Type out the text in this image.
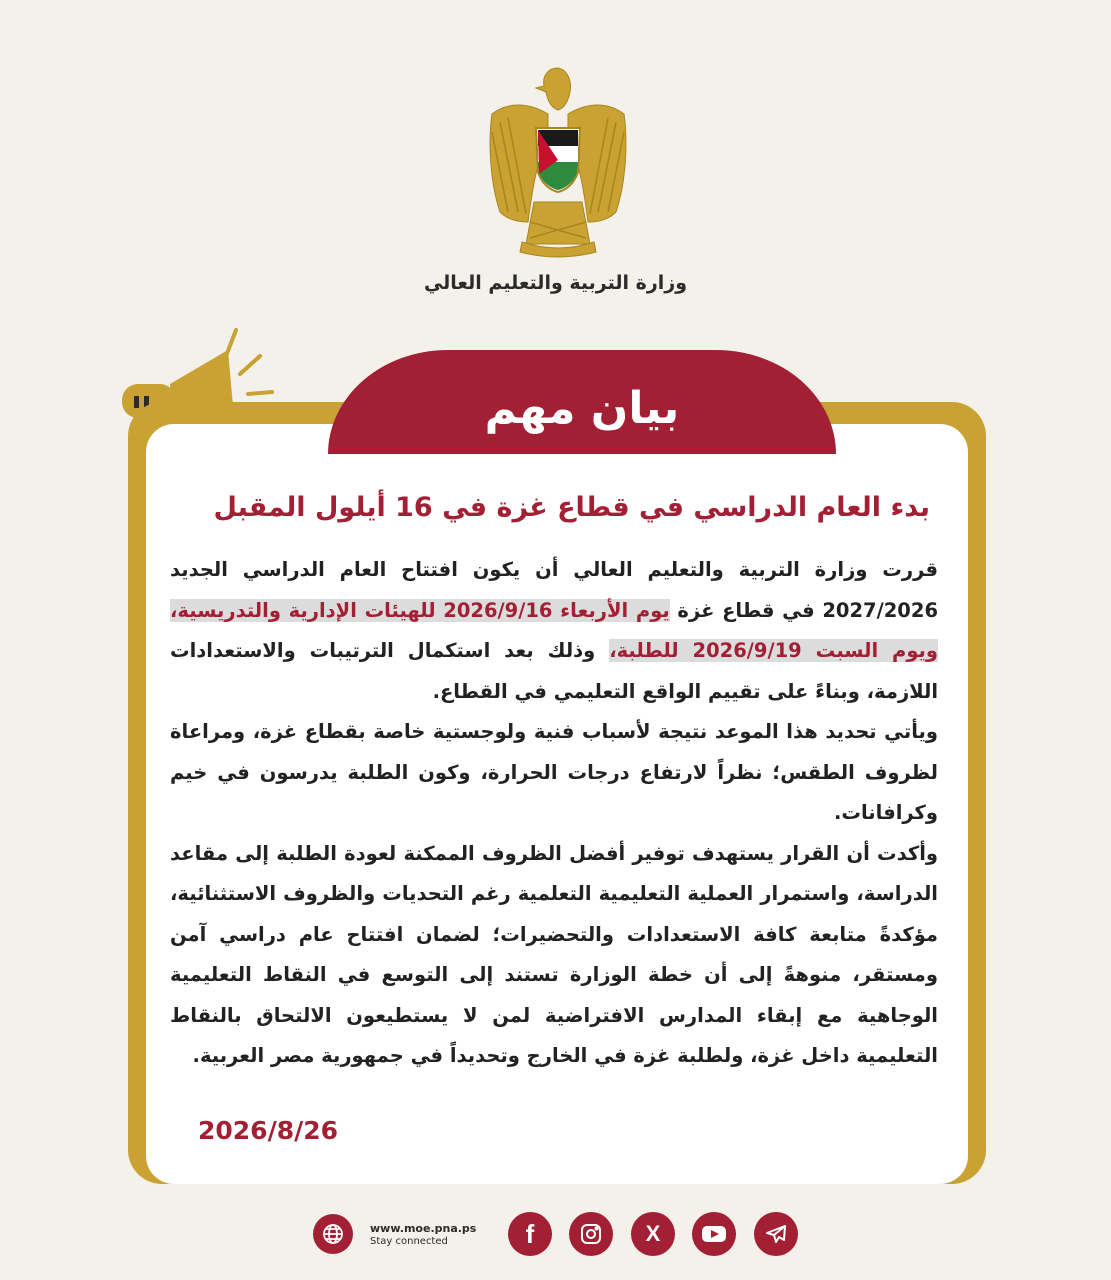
وزارة التربية والتعليم العالي
بيان مهم
بدء العام الدراسي في قطاع غزة في 16 أيلول المقبل

قررت وزارة التربية والتعليم العالي أن يكون افتتاح العام الدراسي الجديد 2027/2026 في قطاع غزة يوم الأربعاء 2026/9/16 للهيئات الإدارية والتدريسية، ويوم السبت 2026/9/19 للطلبة، وذلك بعد استكمال الترتيبات والاستعدادات اللازمة، وبناءً على تقييم الواقع التعليمي في القطاع.

ويأتي تحديد هذا الموعد نتيجة لأسباب فنية ولوجستية خاصة بقطاع غزة، ومراعاة لظروف الطقس؛ نظراً لارتفاع درجات الحرارة، وكون الطلبة يدرسون في خيم وكرافانات.

وأكدت أن القرار يستهدف توفير أفضل الظروف الممكنة لعودة الطلبة إلى مقاعد الدراسة، واستمرار العملية التعليمية التعلمية رغم التحديات والظروف الاستثنائية، مؤكدةً متابعة كافة الاستعدادات والتحضيرات؛ لضمان افتتاح عام دراسي آمن ومستقر، منوهةً إلى أن خطة الوزارة تستند إلى التوسع في النقاط التعليمية الوجاهية مع إبقاء المدارس الافتراضية لمن لا يستطيعون الالتحاق بالنقاط التعليمية داخل غزة، ولطلبة غزة في الخارج وتحديداً في جمهورية مصر العربية.

2026/8/26
www.moe.pna.ps
Stay connected	f	X
